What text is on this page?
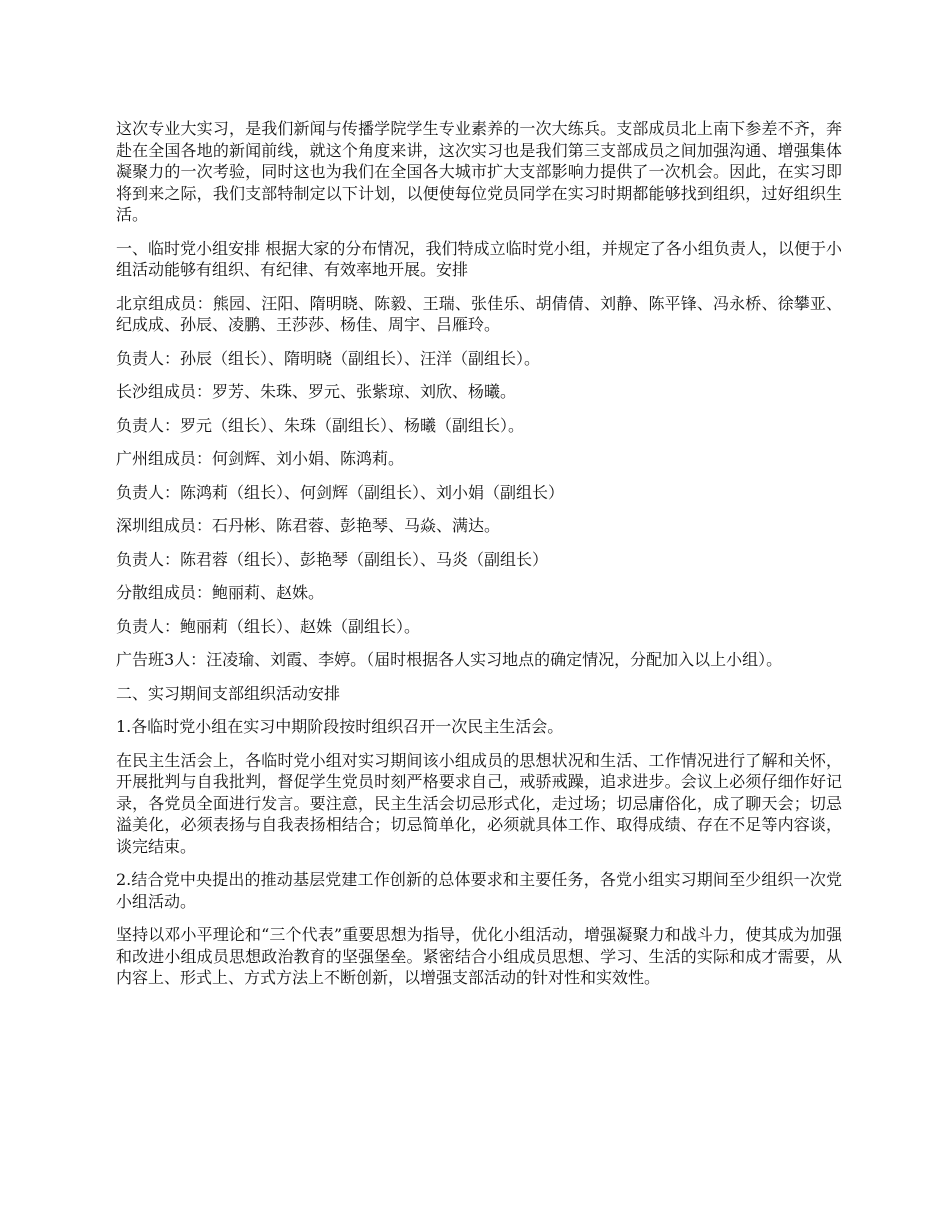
这次专业大实习，是我们新闻与传播学院学生专业素养的一次大练兵。支部成员北上南下参差不齐，奔赴在全国各地的新闻前线，就这个角度来讲，这次实习也是我们第三支部成员之间加强沟通、增强集体凝聚力的一次考验，同时这也为我们在全国各大城市扩大支部影响力提供了一次机会。因此，在实习即将到来之际，我们支部特制定以下计划，以便使每位党员同学在实习时期都能够找到组织，过好组织生活。

一、临时党小组安排 根据大家的分布情况，我们特成立临时党小组，并规定了各小组负责人，以便于小组活动能够有组织、有纪律、有效率地开展。安排

北京组成员：熊园、汪阳、隋明晓、陈毅、王瑞、张佳乐、胡倩倩、刘静、陈平锋、冯永桥、徐攀亚、纪成成、孙辰、凌鹏、王莎莎、杨佳、周宇、吕雁玲。

负责人：孙辰（组长）、隋明晓（副组长）、汪洋（副组长）。

长沙组成员：罗芳、朱珠、罗元、张紫琼、刘欣、杨曦。

负责人：罗元（组长）、朱珠（副组长）、杨曦（副组长）。

广州组成员：何剑辉、刘小娟、陈鸿莉。

负责人：陈鸿莉（组长）、何剑辉（副组长）、刘小娟（副组长）

深圳组成员：石丹彬、陈君蓉、彭艳琴、马焱、满达。

负责人：陈君蓉（组长）、彭艳琴（副组长）、马炎（副组长）

分散组成员：鲍丽莉、赵姝。

负责人：鲍丽莉（组长）、赵姝（副组长）。

广告班3人：汪凌瑜、刘霞、李婷。（届时根据各人实习地点的确定情况，分配加入以上小组）。

二、实习期间支部组织活动安排

1.各临时党小组在实习中期阶段按时组织召开一次民主生活会。

在民主生活会上，各临时党小组对实习期间该小组成员的思想状况和生活、工作情况进行了解和关怀，开展批判与自我批判，督促学生党员时刻严格要求自己，戒骄戒躁，追求进步。会议上必须仔细作好记录，各党员全面进行发言。要注意，民主生活会切忌形式化，走过场；切忌庸俗化，成了聊天会；切忌溢美化，必须表扬与自我表扬相结合；切忌简单化，必须就具体工作、取得成绩、存在不足等内容谈，谈完结束。

2.结合党中央提出的推动基层党建工作创新的总体要求和主要任务，各党小组实习期间至少组织一次党小组活动。

坚持以邓小平理论和“三个代表”重要思想为指导，优化小组活动，增强凝聚力和战斗力，使其成为加强和改进小组成员思想政治教育的坚强堡垒。紧密结合小组成员思想、学习、生活的实际和成才需要，从内容上、形式上、方式方法上不断创新，以增强支部活动的针对性和实效性。
